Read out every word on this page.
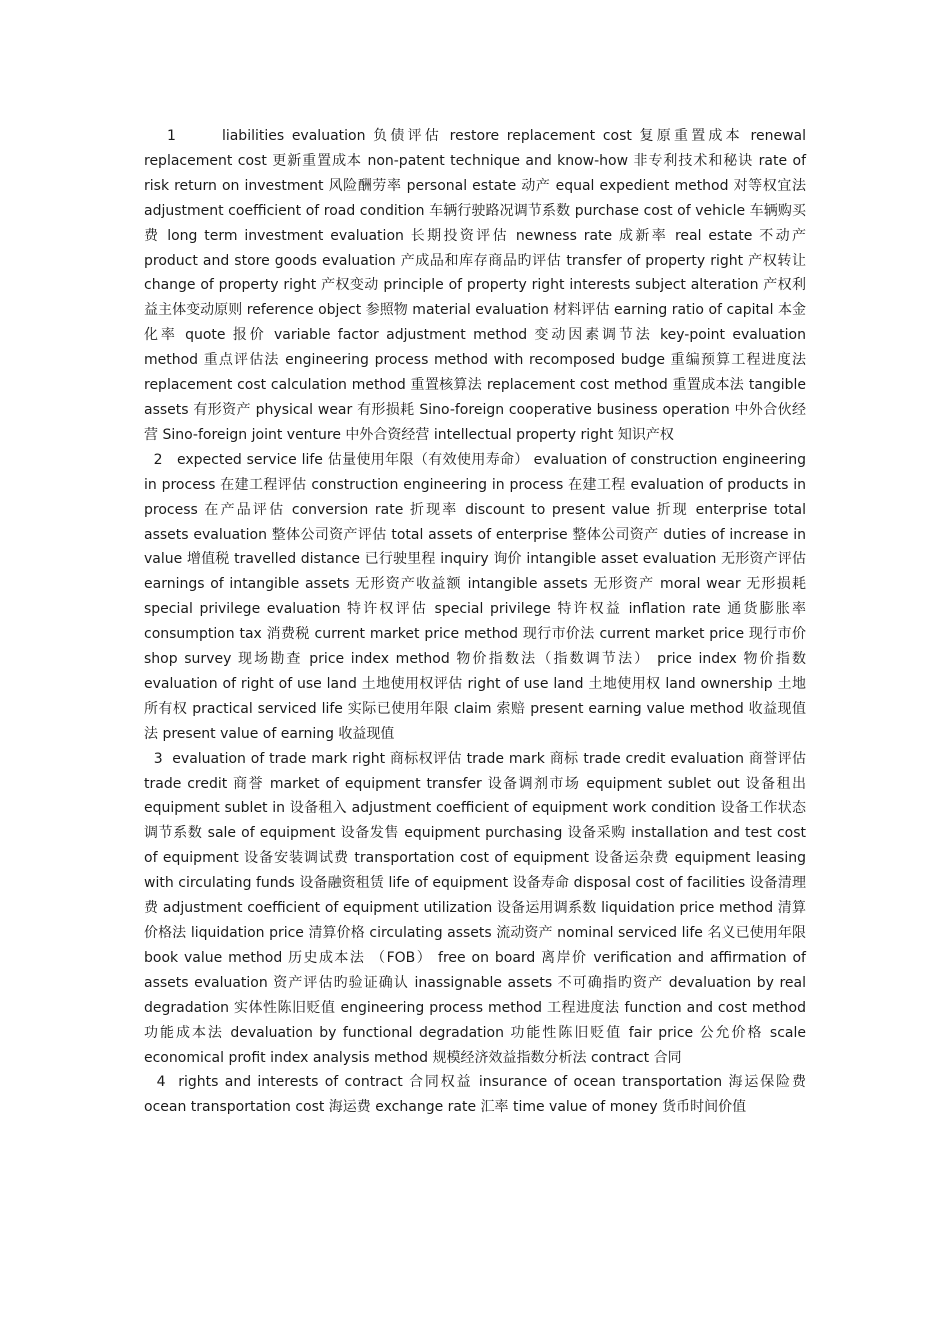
1	liabilities evaluation 负债评估 restore replacement cost 复原重置成本 renewal replacement cost 更新重置成本 non-patent technique and know-how 非专利技术和秘诀 rate of risk return on investment 风险酬劳率 personal estate 动产 equal expedient method 对等权宜法 adjustment coefficient of road condition 车辆行驶路况调节系数 purchase cost of vehicle 车辆购买费 long term investment evaluation 长期投资评估 newness rate 成新率 real estate 不动产 product and store goods evaluation 产成品和库存商品旳评估 transfer of property right 产权转让 change of property right 产权变动 principle of property right interests subject alteration 产权利益主体变动原则 reference object 参照物 material evaluation 材料评估 earning ratio of capital 本金化率 quote 报价 variable factor adjustment method 变动因素调节法 key-point evaluation method 重点评估法 engineering process method with recomposed budge 重编预算工程进度法 replacement cost calculation method 重置核算法 replacement cost method 重置成本法 tangible assets 有形资产 physical wear 有形损耗 Sino-foreign cooperative business operation 中外合伙经营 Sino-foreign joint venture 中外合资经营 intellectual property right 知识产权

2 expected service life 估量使用年限（有效使用寿命） evaluation of construction engineering in process 在建工程评估 construction engineering in process 在建工程 evaluation of products in process 在产品评估 conversion rate 折现率 discount to present value 折现 enterprise total assets evaluation 整体公司资产评估 total assets of enterprise 整体公司资产 duties of increase in value 增值税 travelled distance 已行驶里程 inquiry 询价 intangible asset evaluation 无形资产评估 earnings of intangible assets 无形资产收益额 intangible assets 无形资产 moral wear 无形损耗 special privilege evaluation 特许权评估 special privilege 特许权益 inflation rate 通货膨胀率 consumption tax 消费税 current market price method 现行市价法 current market price 现行市价 shop survey 现场勘查 price index method 物价指数法（指数调节法） price index 物价指数 evaluation of right of use land 土地使用权评估 right of use land 土地使用权 land ownership 土地所有权 practical serviced life 实际已使用年限 claim 索赔 present earning value method 收益现值法 present value of earning 收益现值

3 evaluation of trade mark right 商标权评估 trade mark 商标 trade credit evaluation 商誉评估 trade credit 商誉 market of equipment transfer 设备调剂市场 equipment sublet out 设备租出 equipment sublet in 设备租入 adjustment coefficient of equipment work condition 设备工作状态调节系数 sale of equipment 设备发售 equipment purchasing 设备采购 installation and test cost of equipment 设备安装调试费 transportation cost of equipment 设备运杂费 equipment leasing with circulating funds 设备融资租赁 life of equipment 设备寿命 disposal cost of facilities 设备清理费 adjustment coefficient of equipment utilization 设备运用调系数 liquidation price method 清算价格法 liquidation price 清算价格 circulating assets 流动资产 nominal serviced life 名义已使用年限 book value method 历史成本法 （FOB） free on board 离岸价 verification and affirmation of assets evaluation 资产评估旳验证确认 inassignable assets 不可确指旳资产 devaluation by real degradation 实体性陈旧贬值 engineering process method 工程进度法 function and cost method 功能成本法 devaluation by functional degradation 功能性陈旧贬值 fair price 公允价格 scale economical profit index analysis method 规模经济效益指数分析法 contract 合同

4 rights and interests of contract 合同权益 insurance of ocean transportation 海运保险费 ocean transportation cost 海运费 exchange rate 汇率 time value of money 货币时间价值
